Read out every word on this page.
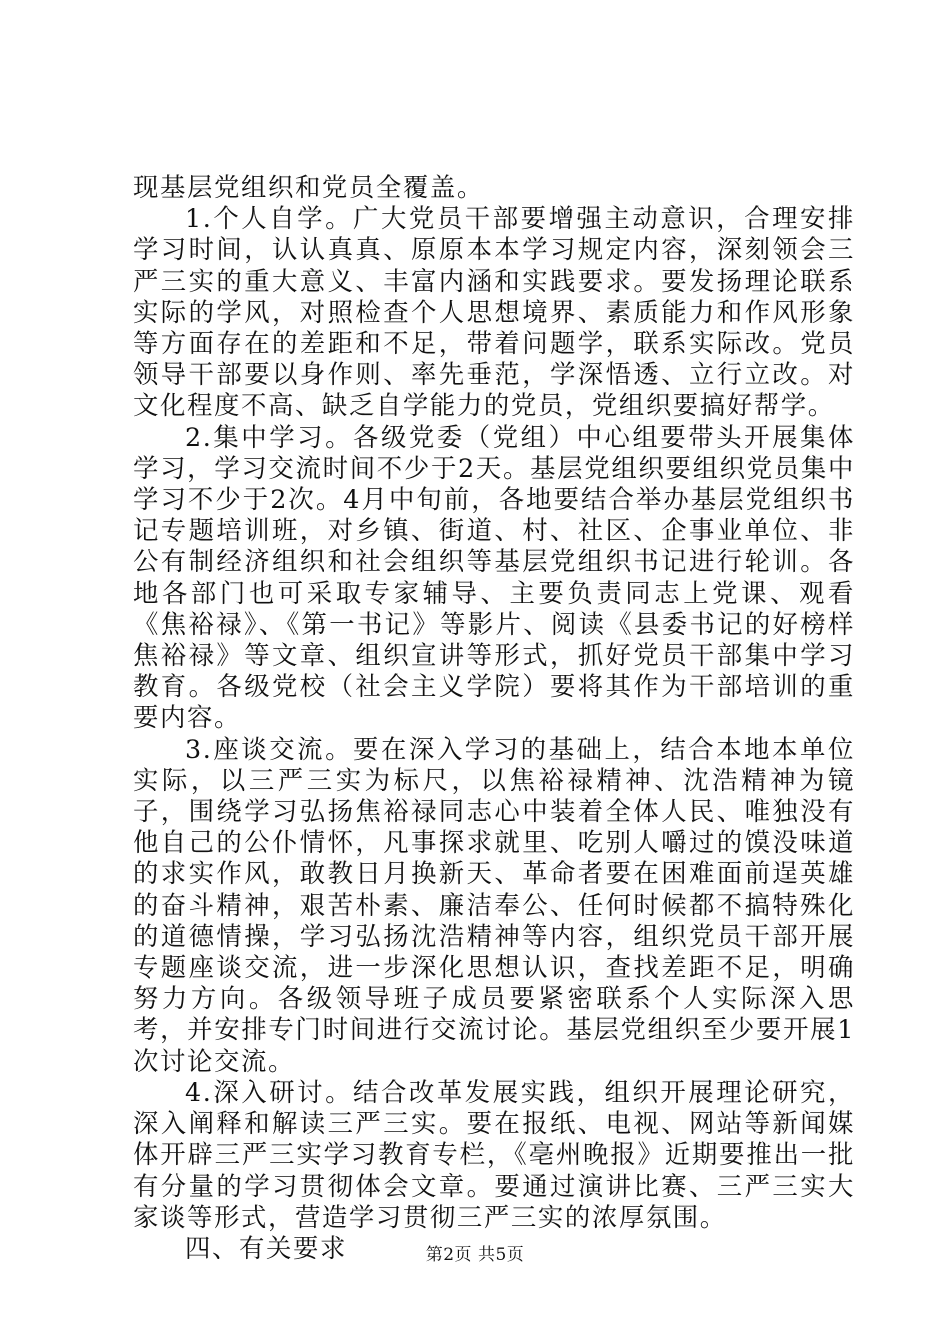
现基层党组织和党员全覆盖。

1.个人自学。广大党员干部要增强主动意识，合理安排学习时间，认认真真、原原本本学习规定内容，深刻领会三严三实的重大意义、丰富内涵和实践要求。要发扬理论联系实际的学风，对照检查个人思想境界、素质能力和作风形象等方面存在的差距和不足，带着问题学，联系实际改。党员领导干部要以身作则、率先垂范，学深悟透、立行立改。对文化程度不高、缺乏自学能力的党员，党组织要搞好帮学。

2.集中学习。各级党委（党组）中心组要带头开展集体学习，学习交流时间不少于2天。基层党组织要组织党员集中学习不少于2次。4月中旬前，各地要结合举办基层党组织书记专题培训班，对乡镇、街道、村、社区、企事业单位、非公有制经济组织和社会组织等基层党组织书记进行轮训。各地各部门也可采取专家辅导、主要负责同志上党课、观看《焦裕禄》、《第一书记》等影片、阅读《县委书记的好榜样焦裕禄》等文章、组织宣讲等形式，抓好党员干部集中学习教育。各级党校（社会主义学院）要将其作为干部培训的重要内容。

3.座谈交流。要在深入学习的基础上，结合本地本单位实际，以三严三实为标尺，以焦裕禄精神、沈浩精神为镜子，围绕学习弘扬焦裕禄同志心中装着全体人民、唯独没有他自己的公仆情怀，凡事探求就里、吃别人嚼过的馍没味道的求实作风，敢教日月换新天、革命者要在困难面前逞英雄的奋斗精神，艰苦朴素、廉洁奉公、任何时候都不搞特殊化的道德情操，学习弘扬沈浩精神等内容，组织党员干部开展专题座谈交流，进一步深化思想认识，查找差距不足，明确努力方向。各级领导班子成员要紧密联系个人实际深入思考，并安排专门时间进行交流讨论。基层党组织至少要开展1次讨论交流。

4.深入研讨。结合改革发展实践，组织开展理论研究，深入阐释和解读三严三实。要在报纸、电视、网站等新闻媒体开辟三严三实学习教育专栏，《亳州晚报》近期要推出一批有分量的学习贯彻体会文章。要通过演讲比赛、三严三实大家谈等形式，营造学习贯彻三严三实的浓厚氛围。

四、有关要求	第2页 共5页
